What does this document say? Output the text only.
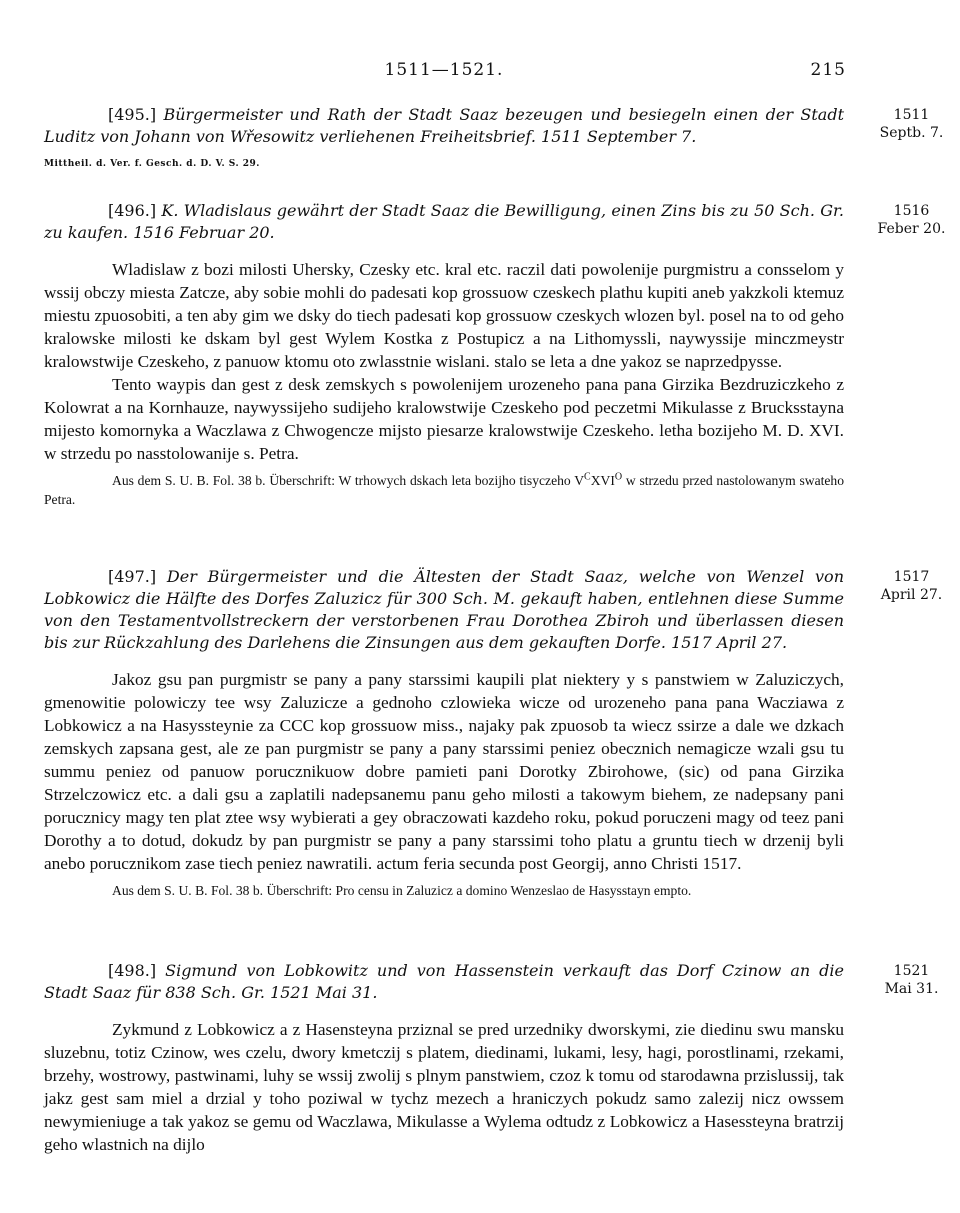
1511—1521.	215

[495.] Bürgermeister und Rath der Stadt Saaz bezeugen und besiegeln einen der Stadt Luditz von Johann von Wřesowitz verliehenen Freiheitsbrief. 1511 September 7.

1511
Septb. 7.

Mittheil. d. Ver. f. Gesch. d. D. V. S. 29.

[496.] K. Wladislaus gewährt der Stadt Saaz die Bewilligung, einen Zins bis zu 50 Sch. Gr. zu kaufen. 1516 Februar 20.

1516
Feber 20.

Wladislaw z bozi milosti Uhersky, Czesky etc. kral etc. raczil dati powolenije purgmistru a consselom y wssij obczy miesta Zatcze, aby sobie mohli do padesati kop grossuow czeskech plathu kupiti aneb yakzkoli ktemuz miestu zpuosobiti, a ten aby gim we dsky do tiech padesati kop grossuow czeskych wlozen byl. posel na to od geho kralowske milosti ke dskam byl gest Wylem Kostka z Postupicz a na Lithomyssli, naywyssije minczmeystr kralowstwije Czeskeho, z panuow ktomu oto zwlasstnie wislani. stalo se leta a dne yakoz se naprzedpysse.

Tento waypis dan gest z desk zemskych s powolenijem urozeneho pana pana Girzika Bezdruziczkeho z Kolowrat a na Kornhauze, naywyssijeho sudijeho kralowstwije Czeskeho pod peczetmi Mikulasse z Brucksstayna mijesto komornyka a Waczlawa z Chwogencze mijsto piesarze kralowstwije Czeskeho. letha bozijeho M. D. XVI. w strzedu po nasstolowanije s. Petra.

Aus dem S. U. B. Fol. 38 b. Überschrift: W trhowych dskach leta bozijho tisyczeho $V^CXVI^O$ w strzedu przed nastolowanym swateho Petra.

[497.] Der Bürgermeister und die Ältesten der Stadt Saaz, welche von Wenzel von Lobkowicz die Hälfte des Dorfes Zaluzicz für 300 Sch. M. gekauft haben, entlehnen diese Summe von den Testamentvollstreckern der verstorbenen Frau Dorothea Zbiroh und überlassen diesen bis zur Rückzahlung des Darlehens die Zinsungen aus dem gekauften Dorfe. 1517 April 27.

1517
April 27.

Jakoz gsu pan purgmistr se pany a pany starssimi kaupili plat niektery y s panstwiem w Zaluziczych, gmenowitie polowiczy tee wsy Zaluzicze a gednoho czlowieka wicze od urozeneho pana pana Wacziawa z Lobkowicz a na Hasyssteynie za CCC kop grossuow miss., najaky pak zpuosob ta wiecz ssirze a dale we dzkach zemskych zapsana gest, ale ze pan purgmistr se pany a pany starssimi peniez obecznich nemagicze wzali gsu tu summu peniez od panuow porucznikuow dobre pamieti pani Dorotky Zbirohowe, (sic) od pana Girzika Strzelczowicz etc. a dali gsu a zaplatili nadepsanemu panu geho milosti a takowym biehem, ze nadepsany pani porucznicy magy ten plat ztee wsy wybierati a gey obraczowati kazdeho roku, pokud poruczeni magy od teez pani Dorothy a to dotud, dokudz by pan purgmistr se pany a pany starssimi toho platu a gruntu tiech w drzenij byli anebo porucznikom zase tiech peniez nawratili. actum feria secunda post Georgij, anno Christi 1517.

Aus dem S. U. B. Fol. 38 b. Überschrift: Pro censu in Zaluzicz a domino Wenzeslao de Hasysstayn empto.

[498.] Sigmund von Lobkowitz und von Hassenstein verkauft das Dorf Czinow an die Stadt Saaz für 838 Sch. Gr. 1521 Mai 31.

1521
Mai 31.

Zykmund z Lobkowicz a z Hasensteyna prziznal se pred urzedniky dworskymi, zie diedinu swu mansku sluzebnu, totiz Czinow, wes czelu, dwory kmetczij s platem, diedinami, lukami, lesy, hagi, porostlinami, rzekami, brzehy, wostrowy, pastwinami, luhy se wssij zwolij s plnym panstwiem, czoz k tomu od starodawna przislussij, tak jakz gest sam miel a drzial y toho poziwal w tychz mezech a hraniczych pokudz samo zalezij nicz owssem newymieniuge a tak yakoz se gemu od Waczlawa, Mikulasse a Wylema odtudz z Lobkowicz a Hasessteyna bratrzij geho wlastnich na dijlo
